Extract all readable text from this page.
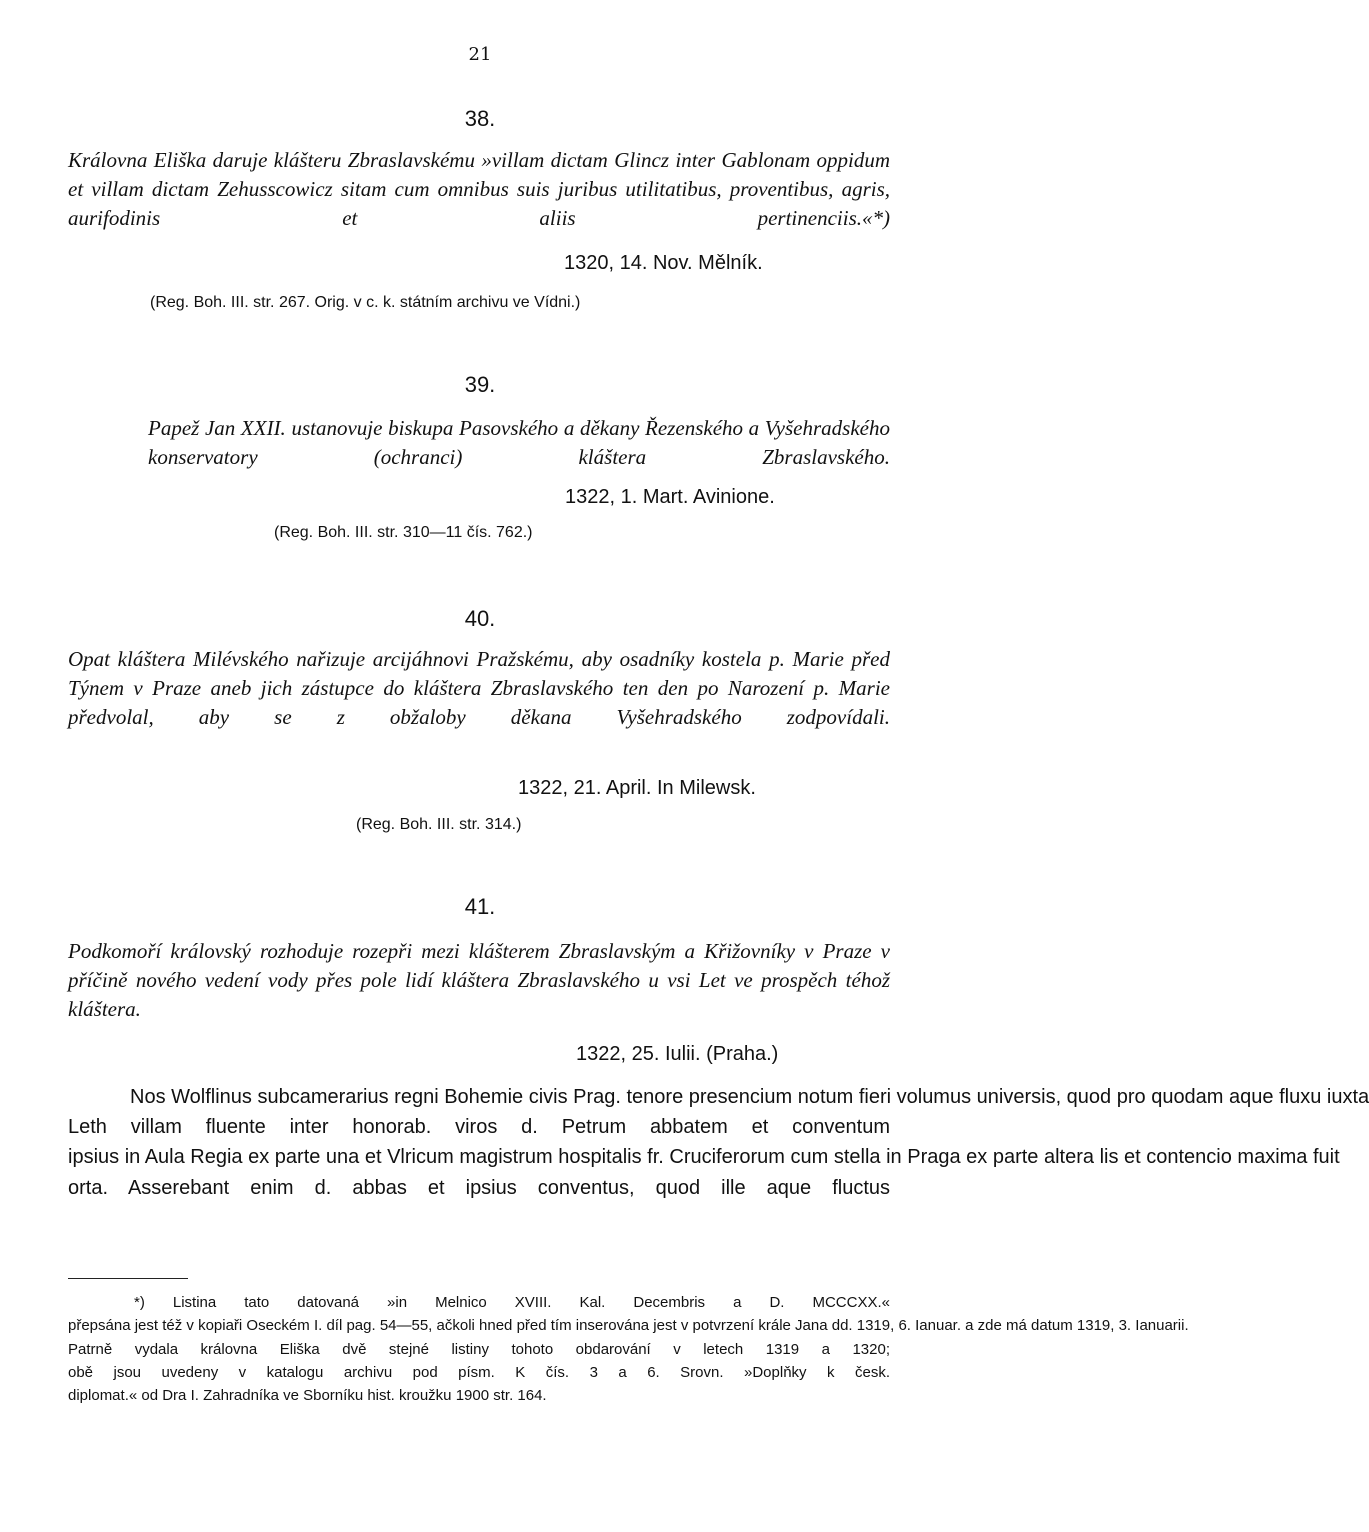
21
38.
Královna Eliška daruje klášteru Zbraslavskému »villam dictam Glincz inter Gablonam oppidum et villam dictam Zehusscowicz sitam cum omnibus suis juribus utilitatibus, proventibus, agris, aurifodinis et aliis pertinenciis.«*)
1320, 14. Nov. Mělník.
(Reg. Boh. III. str. 267. Orig. v c. k. státním archivu ve Vídni.)
39.
Papež Jan XXII. ustanovuje biskupa Pasovského a děkany Řezenského a Vyšehradského konservatory (ochranci) kláštera Zbraslavského.
1322, 1. Mart. Avinione.
(Reg. Boh. III. str. 310—11 čís. 762.)
40.
Opat kláštera Milévského nařizuje arcijáhnovi Pražskému, aby osadníky kostela p. Marie před Týnem v Praze aneb jich zástupce do kláštera Zbraslavského ten den po Narození p. Marie předvolal, aby se z obžaloby děkana Vyšehradského zodpovídali.
1322, 21. April. In Milewsk.
(Reg. Boh. III. str. 314.)
41.
Podkomoří královský rozhoduje rozepři mezi klášterem Zbraslavským a Křižovníky v Praze v příčině nového vedení vody přes pole lidí kláštera Zbraslavského u vsi Let ve prospěch téhož kláštera.
1322, 25. Iulii. (Praha.)
Nos Wolflinus subcamerarius regni Bohemie civis Prag. tenore presencium notum fieri volumus universis, quod pro quodam aque fluxu iuxta
Leth villam fluente inter honorab. viros d. Petrum abbatem et conventum
ipsius in Aula Regia ex parte una et Vlricum magistrum hospitalis fr. Cruciferorum cum stella in Praga ex parte altera lis et contencio maxima fuit
orta. Asserebant enim d. abbas et ipsius conventus, quod ille aque fluctus
*) Listina tato datovaná »in Melnico XVIII. Kal. Decembris a D. MCCCXX.«
přepsána jest též v kopiaři Oseckém I. díl pag. 54—55, ačkoli hned před tím inserována jest v potvrzení krále Jana dd. 1319, 6. Ianuar. a zde má datum 1319, 3. Ianuarii.
Patrně vydala královna Eliška dvě stejné listiny tohoto obdarování v letech 1319 a 1320;
obě jsou uvedeny v katalogu archivu pod písm. K čís. 3 a 6. Srovn. »Doplňky k česk.
diplomat.« od Dra I. Zahradníka ve Sborníku hist. kroužku 1900 str. 164.
